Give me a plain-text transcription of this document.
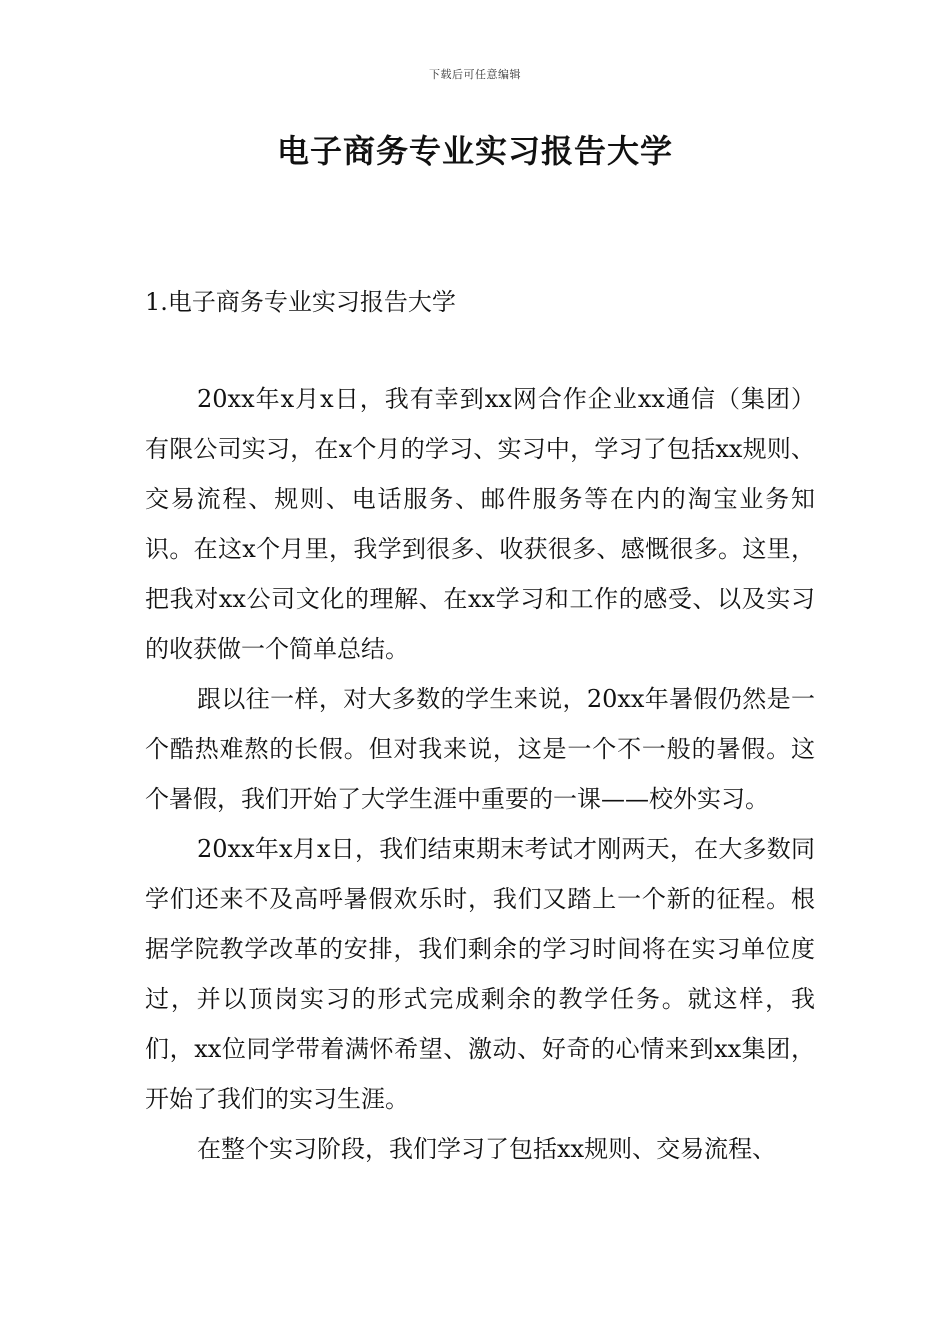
下载后可任意编辑
电子商务专业实习报告大学
1.电子商务专业实习报告大学

20xx年x月x日，我有幸到xx网合作企业xx通信（集团）有限公司实习，在x个月的学习、实习中，学习了包括xx规则、交易流程、规则、电话服务、邮件服务等在内的淘宝业务知识。在这x个月里，我学到很多、收获很多、感慨很多。这里，把我对xx公司文化的理解、在xx学习和工作的感受、以及实习的收获做一个简单总结。

跟以往一样，对大多数的学生来说，20xx年暑假仍然是一个酷热难熬的长假。但对我来说，这是一个不一般的暑假。这个暑假，我们开始了大学生涯中重要的一课——校外实习。

20xx年x月x日，我们结束期末考试才刚两天，在大多数同学们还来不及高呼暑假欢乐时，我们又踏上一个新的征程。根据学院教学改革的安排，我们剩余的学习时间将在实习单位度过，并以顶岗实习的形式完成剩余的教学任务。就这样，我们，xx位同学带着满怀希望、激动、好奇的心情来到xx集团，开始了我们的实习生涯。

在整个实习阶段，我们学习了包括xx规则、交易流程、
